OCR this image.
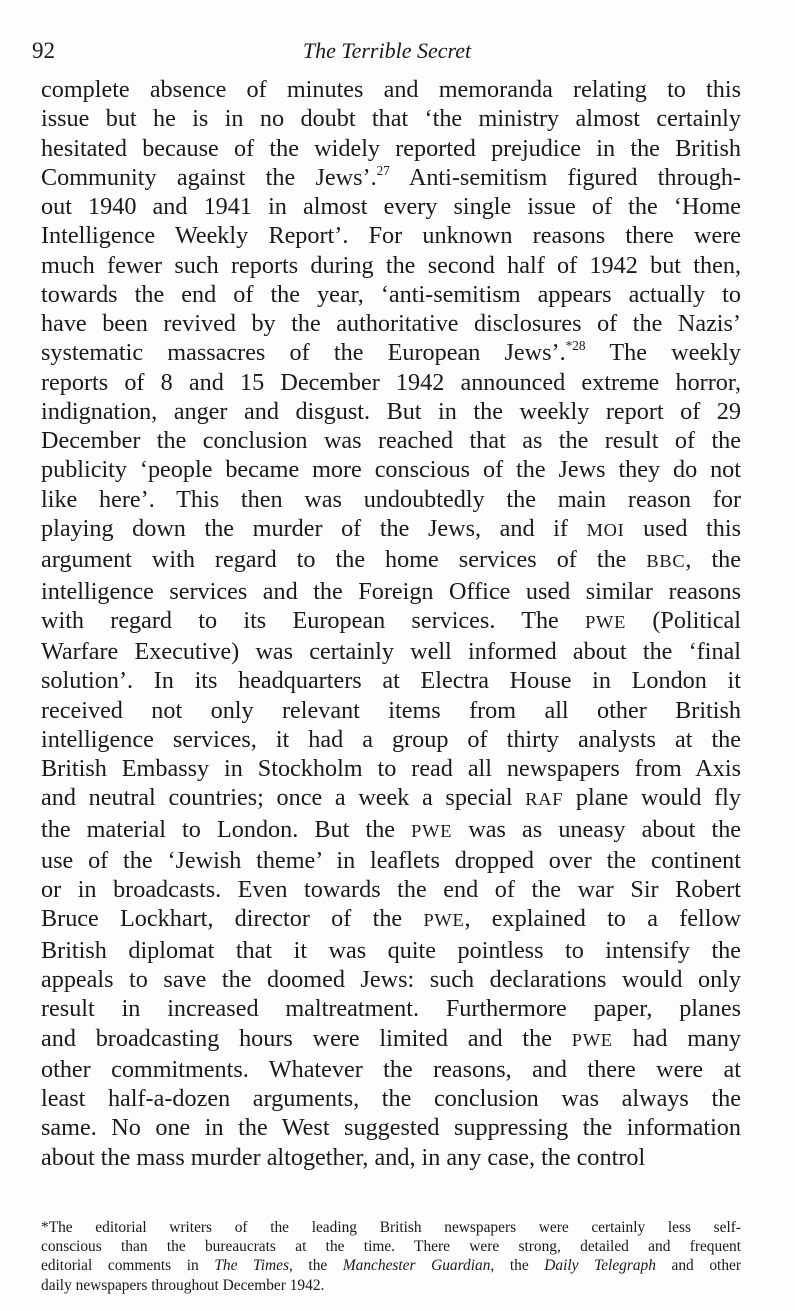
92	The Terrible Secret
complete absence of minutes and memoranda relating to this
issue but he is in no doubt that ‘the ministry almost certainly
hesitated because of the widely reported prejudice in the British
Community against the Jews’.$^{27}$ Anti-semitism figured through-
out 1940 and 1941 in almost every single issue of the ‘Home
Intelligence Weekly Report’. For unknown reasons there were
much fewer such reports during the second half of 1942 but then,
towards the end of the year, ‘anti-semitism appears actually to
have been revived by the authoritative disclosures of the Nazis’
systematic massacres of the European Jews’.$^{*28}$ The weekly
reports of 8 and 15 December 1942 announced extreme horror,
indignation, anger and disgust. But in the weekly report of 29
December the conclusion was reached that as the result of the
publicity ‘people became more conscious of the Jews they do not
like here’. This then was undoubtedly the main reason for
playing down the murder of the Jews, and if MOI used this
argument with regard to the home services of the BBC, the
intelligence services and the Foreign Office used similar reasons
with regard to its European services. The PWE (Political
Warfare Executive) was certainly well informed about the ‘final
solution’. In its headquarters at Electra House in London it
received not only relevant items from all other British
intelligence services, it had a group of thirty analysts at the
British Embassy in Stockholm to read all newspapers from Axis
and neutral countries; once a week a special RAF plane would fly
the material to London. But the PWE was as uneasy about the
use of the ‘Jewish theme’ in leaflets dropped over the continent
or in broadcasts. Even towards the end of the war Sir Robert
Bruce Lockhart, director of the PWE, explained to a fellow
British diplomat that it was quite pointless to intensify the
appeals to save the doomed Jews: such declarations would only
result in increased maltreatment. Furthermore paper, planes
and broadcasting hours were limited and the PWE had many
other commitments. Whatever the reasons, and there were at
least half-a-dozen arguments, the conclusion was always the
same. No one in the West suggested suppressing the information
about the mass murder altogether, and, in any case, the control
*The editorial writers of the leading British newspapers were certainly less self-
conscious than the bureaucrats at the time. There were strong, detailed and frequent
editorial comments in The Times, the Manchester Guardian, the Daily Telegraph and other
daily newspapers throughout December 1942.
